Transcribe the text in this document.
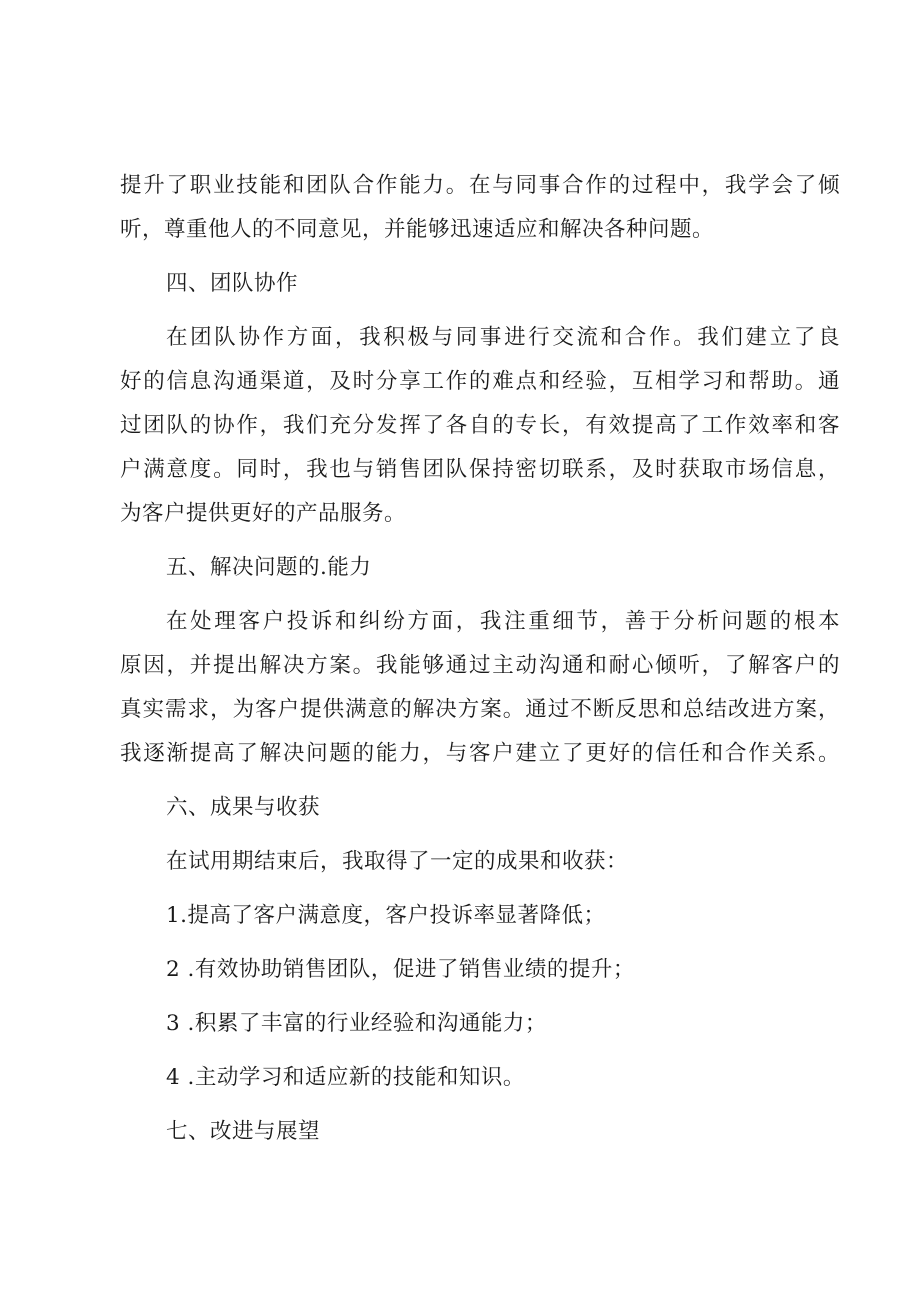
提升了职业技能和团队合作能力。在与同事合作的过程中，我学会了倾
听，尊重他人的不同意见，并能够迅速适应和解决各种问题。
四、团队协作
在团队协作方面，我积极与同事进行交流和合作。我们建立了良
好的信息沟通渠道，及时分享工作的难点和经验，互相学习和帮助。通
过团队的协作，我们充分发挥了各自的专长，有效提高了工作效率和客
户满意度。同时，我也与销售团队保持密切联系，及时获取市场信息，
为客户提供更好的产品服务。
五、解决问题的.能力
在处理客户投诉和纠纷方面，我注重细节，善于分析问题的根本
原因，并提出解决方案。我能够通过主动沟通和耐心倾听，了解客户的
真实需求，为客户提供满意的解决方案。通过不断反思和总结改进方案，
我逐渐提高了解决问题的能力，与客户建立了更好的信任和合作关系。
六、成果与收获
在试用期结束后，我取得了一定的成果和收获：
1.提高了客户满意度，客户投诉率显著降低；
2 .有效协助销售团队，促进了销售业绩的提升；
3 .积累了丰富的行业经验和沟通能力；
4 .主动学习和适应新的技能和知识。
七、改进与展望
